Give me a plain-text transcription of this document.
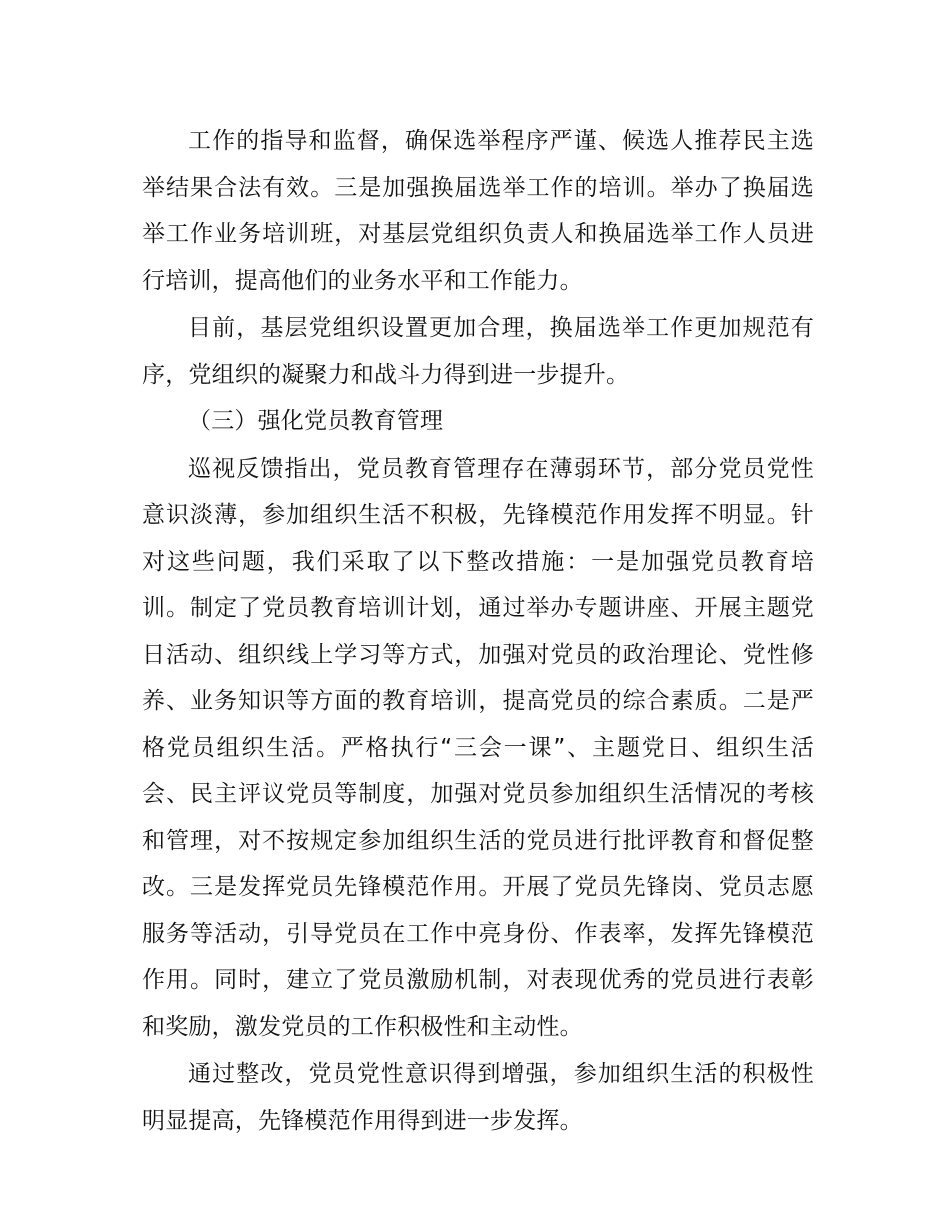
工作的指导和监督，确保选举程序严谨、候选人推荐民主选举结果合法有效。三是加强换届选举工作的培训。举办了换届选举工作业务培训班，对基层党组织负责人和换届选举工作人员进行培训，提高他们的业务水平和工作能力。

目前，基层党组织设置更加合理，换届选举工作更加规范有序，党组织的凝聚力和战斗力得到进一步提升。

（三）强化党员教育管理

巡视反馈指出，党员教育管理存在薄弱环节，部分党员党性意识淡薄，参加组织生活不积极，先锋模范作用发挥不明显。针对这些问题，我们采取了以下整改措施：一是加强党员教育培训。制定了党员教育培训计划，通过举办专题讲座、开展主题党日活动、组织线上学习等方式，加强对党员的政治理论、党性修养、业务知识等方面的教育培训，提高党员的综合素质。二是严格党员组织生活。严格执行“三会一课”、主题党日、组织生活会、民主评议党员等制度，加强对党员参加组织生活情况的考核和管理，对不按规定参加组织生活的党员进行批评教育和督促整改。三是发挥党员先锋模范作用。开展了党员先锋岗、党员志愿服务等活动，引导党员在工作中亮身份、作表率，发挥先锋模范作用。同时，建立了党员激励机制，对表现优秀的党员进行表彰和奖励，激发党员的工作积极性和主动性。

通过整改，党员党性意识得到增强，参加组织生活的积极性明显提高，先锋模范作用得到进一步发挥。
